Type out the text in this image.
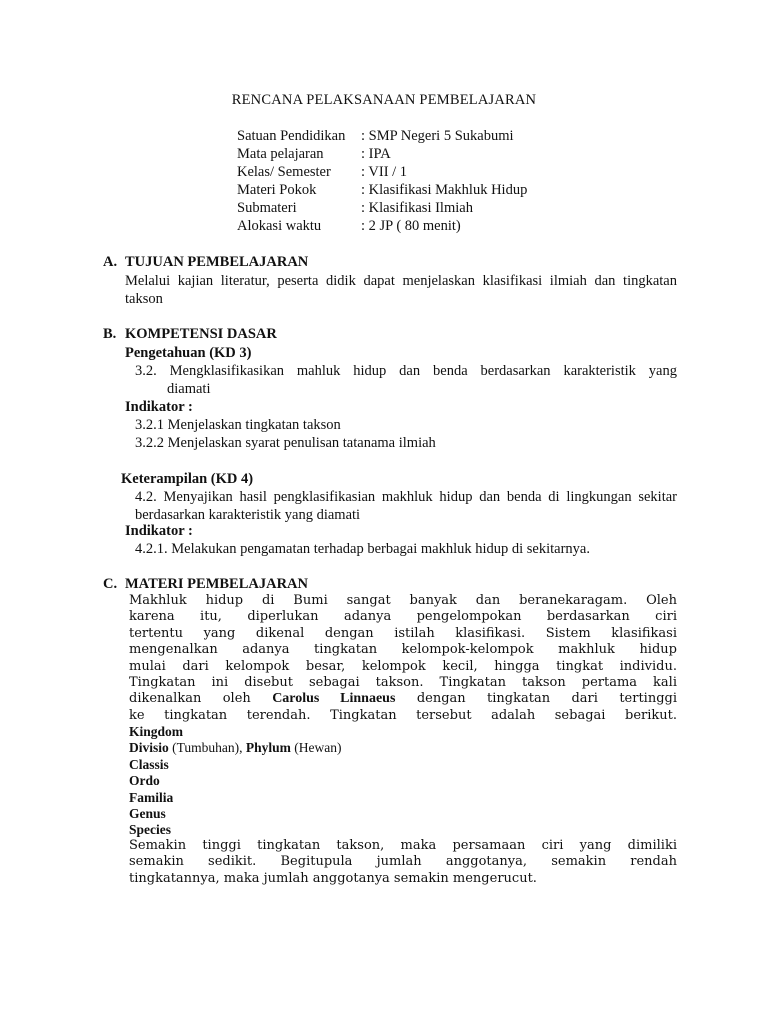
RENCANA PELAKSANAAN PEMBELAJARAN
Satuan Pendidikan	: SMP Negeri 5 Sukabumi
Mata pelajaran	: IPA
Kelas/ Semester	: VII / 1
Materi Pokok	: Klasifikasi Makhluk Hidup
Submateri	: Klasifikasi Ilmiah
Alokasi waktu	: 2 JP ( 80 menit)
A. TUJUAN PEMBELAJARAN
Melalui kajian literatur, peserta didik dapat menjelaskan klasifikasi ilmiah dan tingkatan
takson
B. KOMPETENSI DASAR
Pengetahuan (KD 3)
3.2. Mengklasifikasikan mahluk hidup dan benda berdasarkan karakteristik yang
diamati
Indikator :
3.2.1 Menjelaskan tingkatan takson
3.2.2 Menjelaskan syarat penulisan tatanama ilmiah
Keterampilan (KD 4)
4.2. Menyajikan hasil pengklasifikasian makhluk hidup dan benda di lingkungan sekitar
berdasarkan karakteristik yang diamati
Indikator :
4.2.1. Melakukan pengamatan terhadap berbagai makhluk hidup di sekitarnya.
C. MATERI PEMBELAJARAN
Makhluk hidup di Bumi sangat banyak dan beranekaragam. Oleh
karena itu, diperlukan adanya pengelompokan berdasarkan ciri
tertentu yang dikenal dengan istilah klasifikasi. Sistem klasifikasi
mengenalkan adanya tingkatan kelompok-kelompok makhluk hidup
mulai dari kelompok besar, kelompok kecil, hingga tingkat individu.
Tingkatan ini disebut sebagai takson. Tingkatan takson pertama kali
dikenalkan oleh Carolus Linnaeus dengan tingkatan dari tertinggi
ke tingkatan terendah. Tingkatan tersebut adalah sebagai berikut.
Kingdom
Divisio (Tumbuhan), Phylum (Hewan)
Classis
Ordo
Familia
Genus
Species
Semakin tinggi tingkatan takson, maka persamaan ciri yang dimiliki
semakin sedikit. Begitupula jumlah anggotanya, semakin rendah
tingkatannya, maka jumlah anggotanya semakin mengerucut.
